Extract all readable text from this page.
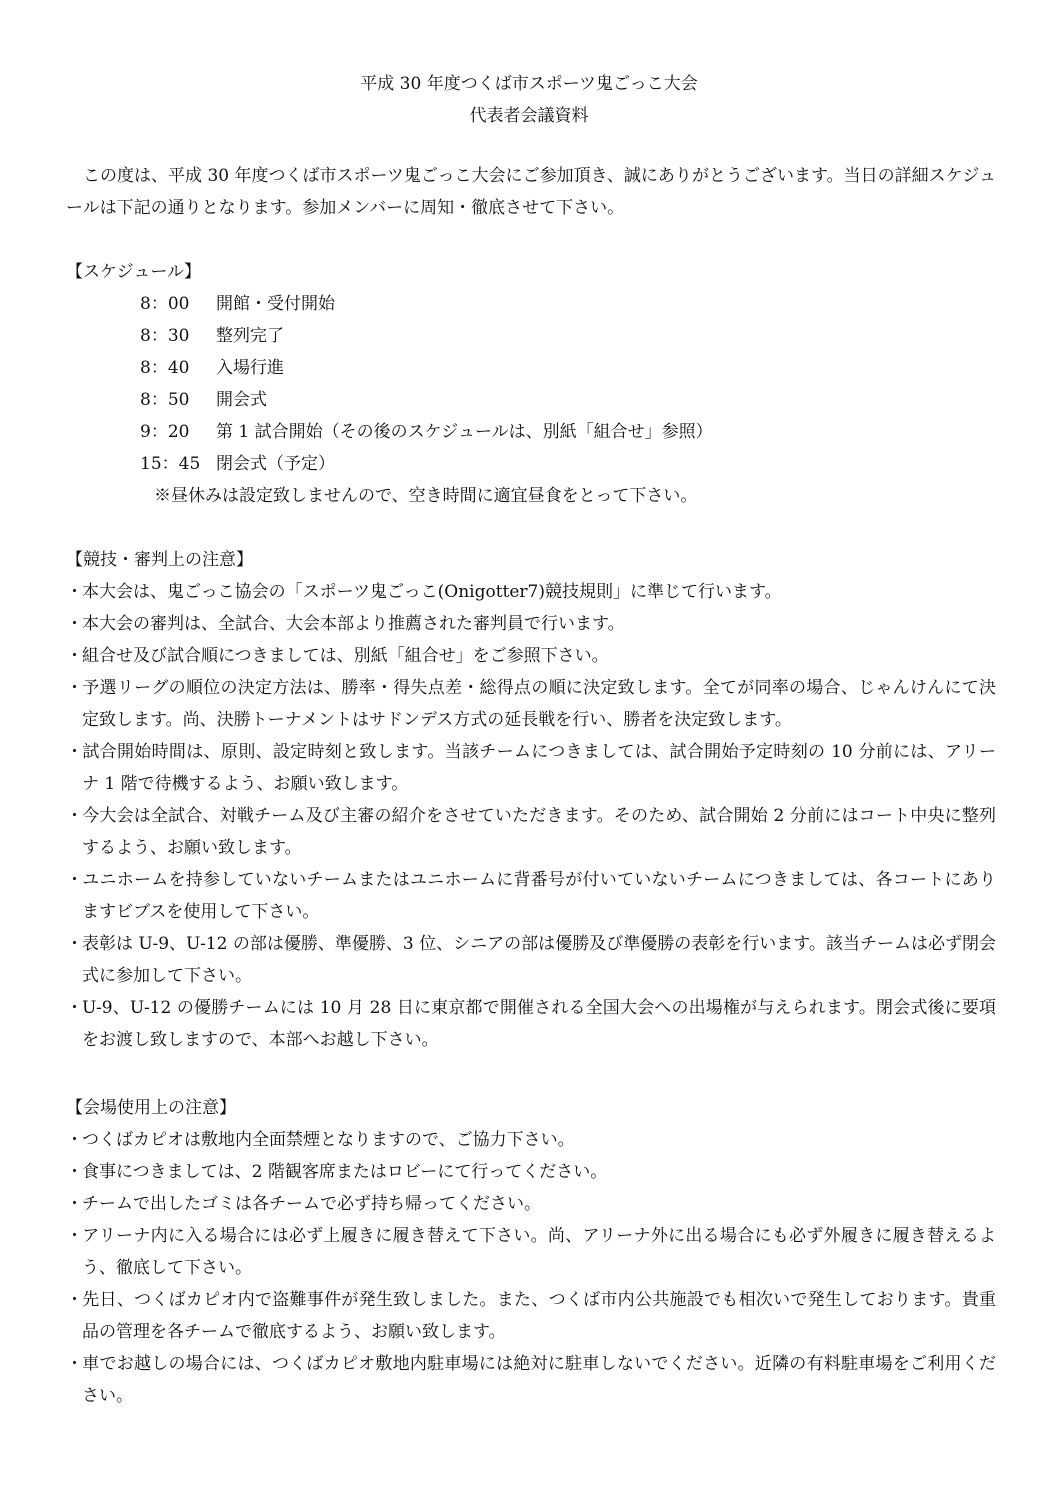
平成 30 年度つくば市スポーツ鬼ごっこ大会
代表者会議資料

この度は、平成 30 年度つくば市スポーツ鬼ごっこ大会にご参加頂き、誠にありがとうございます。当日の詳細スケジュールは下記の通りとなります。参加メンバーに周知・徹底させて下さい。

【スケジュール】
8：00	開館・受付開始
8：30	整列完了
8：40	入場行進
8：50	開会式
9：20	第 1 試合開始（その後のスケジュールは、別紙「組合せ」参照）
15：45 閉会式（予定）
※昼休みは設定致しませんので、空き時間に適宜昼食をとって下さい。
【競技・審判上の注意】
・本大会は、鬼ごっこ協会の「スポーツ鬼ごっこ(Onigotter7)競技規則」に準じて行います。
・本大会の審判は、全試合、大会本部より推薦された審判員で行います。
・組合せ及び試合順につきましては、別紙「組合せ」をご参照下さい。
・予選リーグの順位の決定方法は、勝率・得失点差・総得点の順に決定致します。全てが同率の場合、じゃんけんにて決定致します。尚、決勝トーナメントはサドンデス方式の延長戦を行い、勝者を決定致します。
・試合開始時間は、原則、設定時刻と致します。当該チームにつきましては、試合開始予定時刻の 10 分前には、アリーナ 1 階で待機するよう、お願い致します。
・今大会は全試合、対戦チーム及び主審の紹介をさせていただきます。そのため、試合開始 2 分前にはコート中央に整列するよう、お願い致します。
・ユニホームを持参していないチームまたはユニホームに背番号が付いていないチームにつきましては、各コートにありますビブスを使用して下さい。
・表彰は U-9、U-12 の部は優勝、準優勝、3 位、シニアの部は優勝及び準優勝の表彰を行います。該当チームは必ず閉会式に参加して下さい。
・U-9、U-12 の優勝チームには 10 月 28 日に東京都で開催される全国大会への出場権が与えられます。閉会式後に要項をお渡し致しますので、本部へお越し下さい。
【会場使用上の注意】
・つくばカピオは敷地内全面禁煙となりますので、ご協力下さい。
・食事につきましては、2 階観客席またはロビーにて行ってください。
・チームで出したゴミは各チームで必ず持ち帰ってください。
・アリーナ内に入る場合には必ず上履きに履き替えて下さい。尚、アリーナ外に出る場合にも必ず外履きに履き替えるよう、徹底して下さい。
・先日、つくばカピオ内で盗難事件が発生致しました。また、つくば市内公共施設でも相次いで発生しております。貴重品の管理を各チームで徹底するよう、お願い致します。
・車でお越しの場合には、つくばカピオ敷地内駐車場には絶対に駐車しないでください。近隣の有料駐車場をご利用ください。
